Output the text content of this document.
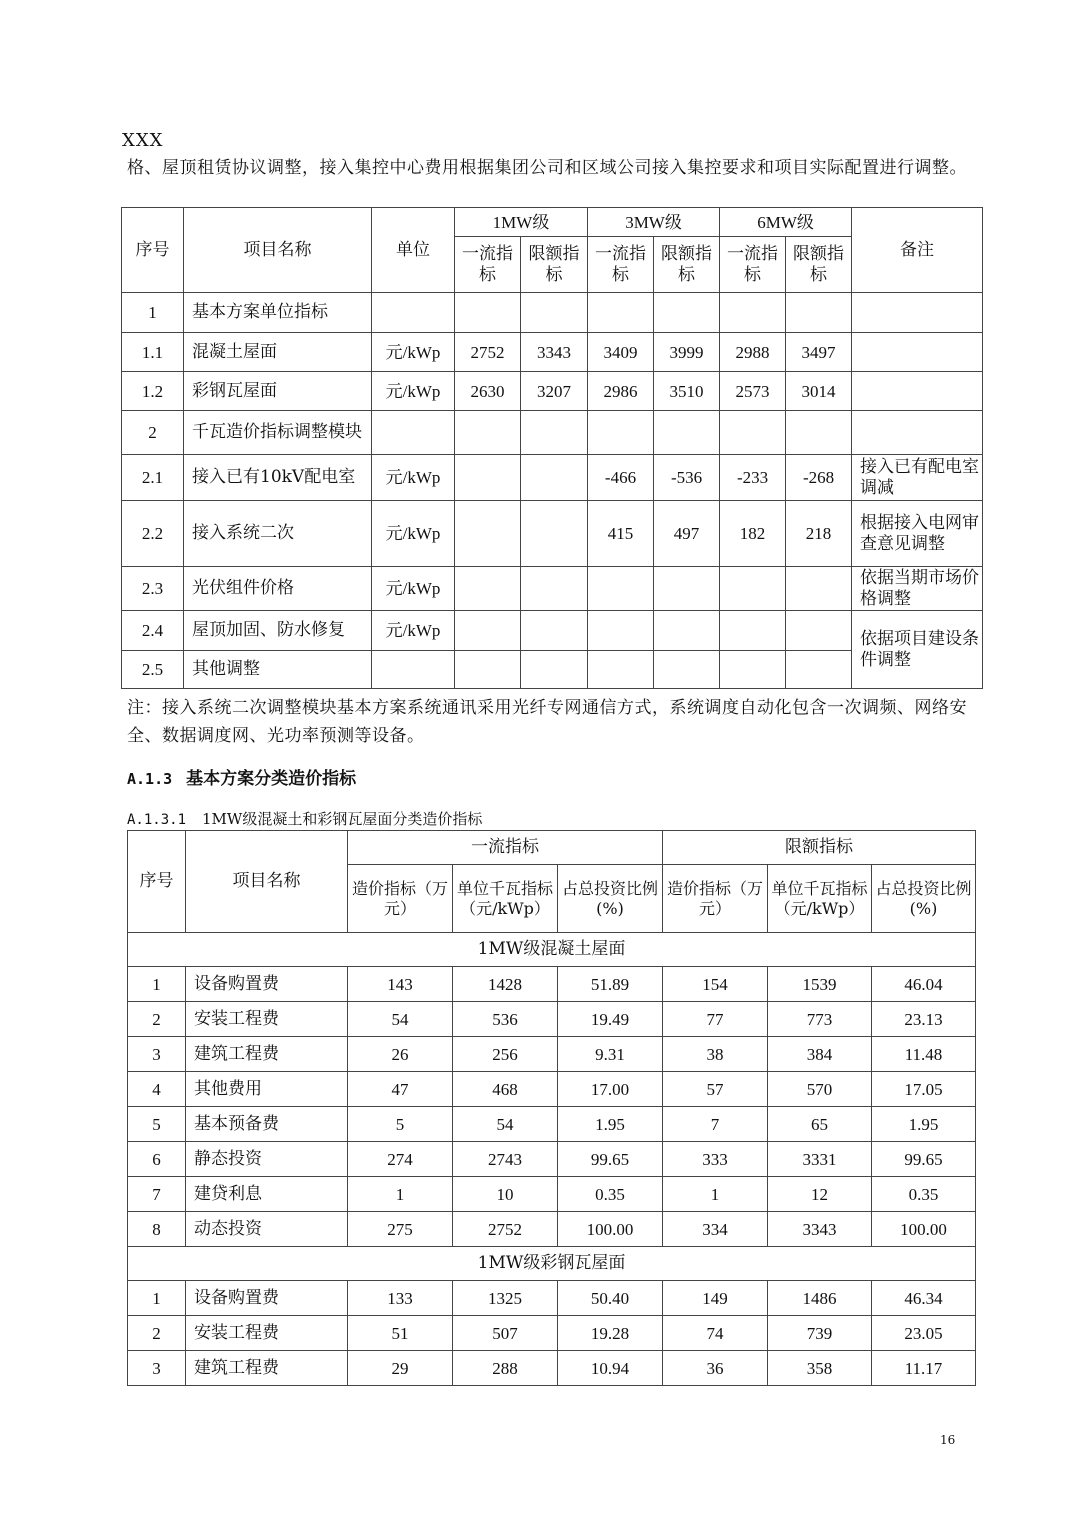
XXX
格、屋顶租赁协议调整，接入集控中心费用根据集团公司和区域公司接入集控要求和项目实际配置进行调整。
序号	项目名称	单位	1MW级		3MW级		6MW级		备注
			一流指标	限额指标	一流指标	限额指标	一流指标	限额指标	
1	基本方案单位指标								
1.1	混凝土屋面	元/kWp	2752	3343	3409	3999	2988	3497	
1.2	彩钢瓦屋面	元/kWp	2630	3207	2986	3510	2573	3014	
2	千瓦造价指标调整模块								
2.1	接入已有10kV配电室	元/kWp			-466	-536	-233	-268	接入已有配电室调减
2.2	接入系统二次	元/kWp			415	497	182	218	根据接入电网审查意见调整
2.3	光伏组件价格	元/kWp							依据当期市场价格调整
2.4	屋顶加固、防水修复	元/kWp							依据项目建设条件调整
2.5	其他调整								
注：接入系统二次调整模块基本方案系统通讯采用光纤专网通信方式，系统调度自动化包含一次调频、网络安全、数据调度网、光功率预测等设备。
A.1.3 基本方案分类造价指标
A.1.3.1 1MW级混凝土和彩钢瓦屋面分类造价指标
序号	项目名称	一流指标			限额指标		
		造价指标（万元）	单位千瓦指标（元/kWp）	占总投资比例(%)	造价指标（万元）	单位千瓦指标（元/kWp）	占总投资比例(%)
1MW级混凝土屋面							
1	设备购置费	143	1428	51.89	154	1539	46.04
2	安装工程费	54	536	19.49	77	773	23.13
3	建筑工程费	26	256	9.31	38	384	11.48
4	其他费用	47	468	17.00	57	570	17.05
5	基本预备费	5	54	1.95	7	65	1.95
6	静态投资	274	2743	99.65	333	3331	99.65
7	建贷利息	1	10	0.35	1	12	0.35
8	动态投资	275	2752	100.00	334	3343	100.00
1MW级彩钢瓦屋面							
1	设备购置费	133	1325	50.40	149	1486	46.34
2	安装工程费	51	507	19.28	74	739	23.05
3	建筑工程费	29	288	10.94	36	358	11.17
16
